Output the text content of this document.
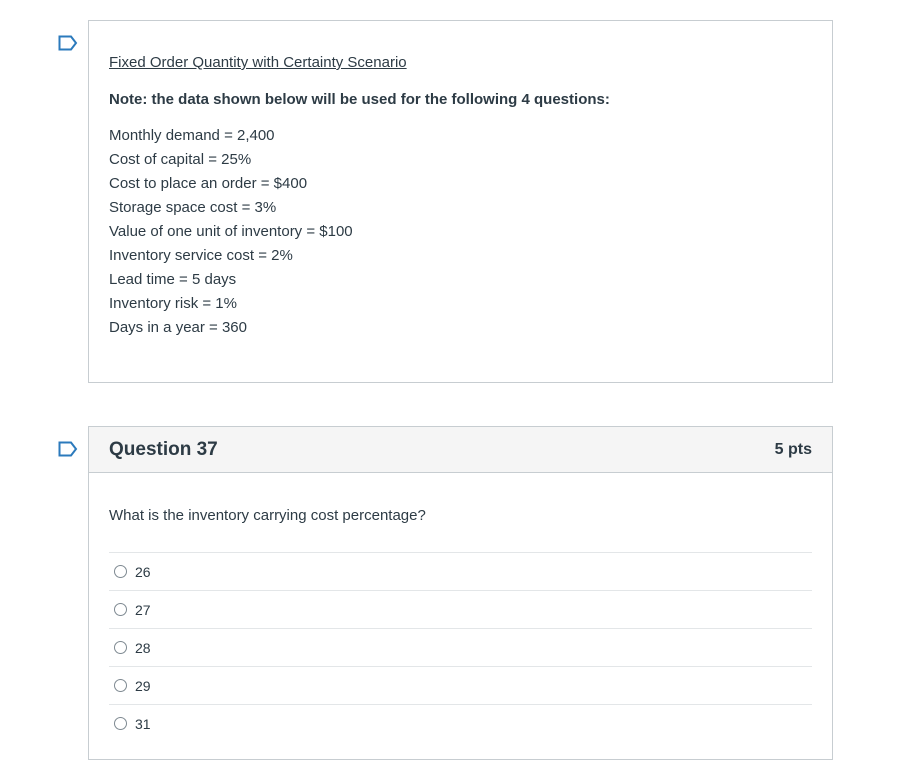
Fixed Order Quantity with Certainty Scenario

Note: the data shown below will be used for the following 4 questions:

Monthly demand = 2,400
Cost of capital = 25%
Cost to place an order = $400
Storage space cost = 3%
Value of one unit of inventory = $100
Inventory service cost = 2%
Lead time = 5 days
Inventory risk = 1%
Days in a year = 360
Question 37	5 pts

What is the inventory carrying cost percentage?

26
27
28
29
31
